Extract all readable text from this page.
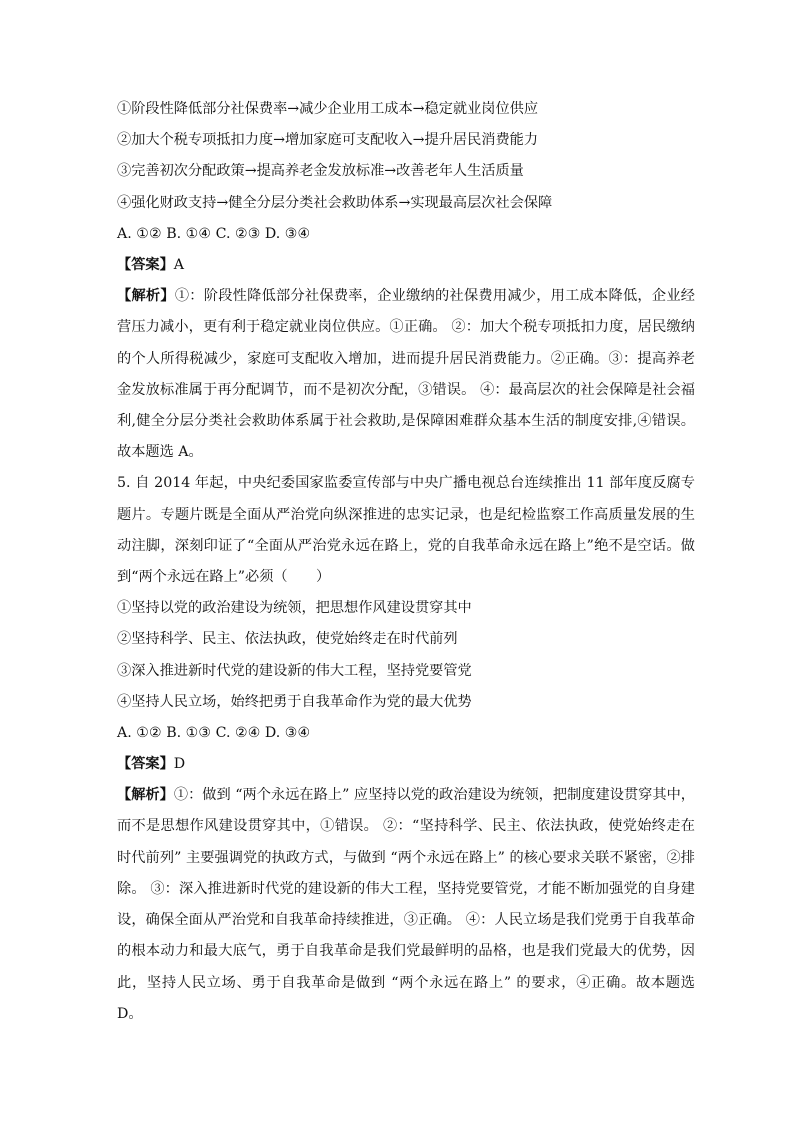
①阶段性降低部分社保费率→减少企业用工成本→稳定就业岗位供应
②加大个税专项抵扣力度→增加家庭可支配收入→提升居民消费能力
③完善初次分配政策→提高养老金发放标准→改善老年人生活质量
④强化财政支持→健全分层分类社会救助体系→实现最高层次社会保障
A. ①② B. ①④ C. ②③ D. ③④
【答案】A
【解析】①：阶段性降低部分社保费率，企业缴纳的社保费用减少，用工成本降低，企业经营压力减小，更有利于稳定就业岗位供应。①正确。 ②：加大个税专项抵扣力度，居民缴纳的个人所得税减少，家庭可支配收入增加，进而提升居民消费能力。②正确。③：提高养老金发放标准属于再分配调节，而不是初次分配，③错误。 ④：最高层次的社会保障是社会福利,健全分层分类社会救助体系属于社会救助,是保障困难群众基本生活的制度安排,④错误。 故本题选 A。
5. 自 2014 年起，中央纪委国家监委宣传部与中央广播电视总台连续推出 11 部年度反腐专题片。专题片既是全面从严治党向纵深推进的忠实记录，也是纪检监察工作高质量发展的生动注脚，深刻印证了“全面从严治党永远在路上，党的自我革命永远在路上”绝不是空话。做到“两个永远在路上”必须（　　）
①坚持以党的政治建设为统领，把思想作风建设贯穿其中
②坚持科学、民主、依法执政，使党始终走在时代前列
③深入推进新时代党的建设新的伟大工程，坚持党要管党
④坚持人民立场，始终把勇于自我革命作为党的最大优势
A. ①② B. ①③ C. ②④ D. ③④
【答案】D
【解析】①：做到 “两个永远在路上” 应坚持以党的政治建设为统领，把制度建设贯穿其中，而不是思想作风建设贯穿其中，①错误。 ②：“坚持科学、民主、依法执政，使党始终走在时代前列” 主要强调党的执政方式，与做到 “两个永远在路上” 的核心要求关联不紧密，②排除。 ③：深入推进新时代党的建设新的伟大工程，坚持党要管党，才能不断加强党的自身建设，确保全面从严治党和自我革命持续推进，③正确。 ④：人民立场是我们党勇于自我革命的根本动力和最大底气，勇于自我革命是我们党最鲜明的品格，也是我们党最大的优势，因此，坚持人民立场、勇于自我革命是做到 “两个永远在路上” 的要求，④正确。故本题选 D。
